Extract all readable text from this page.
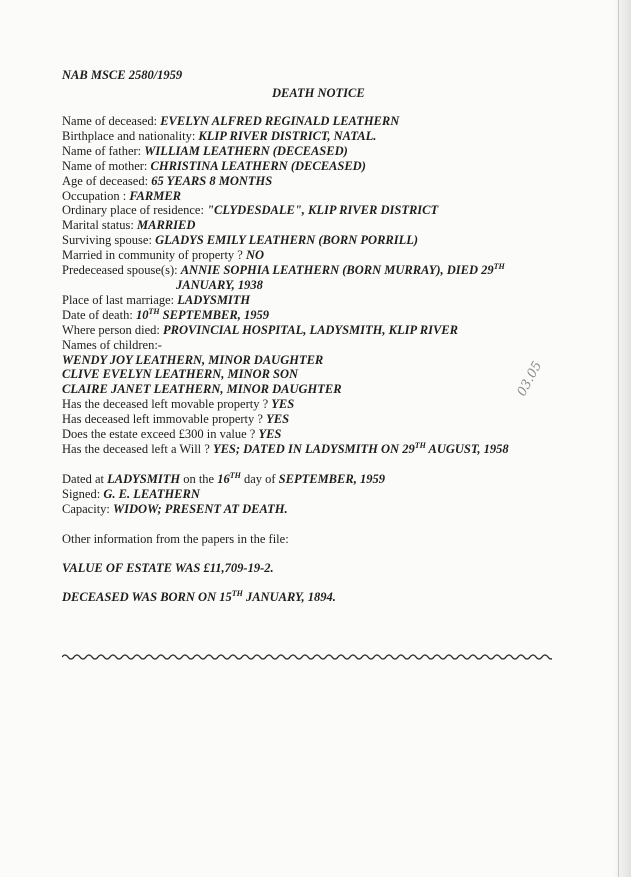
NAB MSCE 2580/1959
DEATH NOTICE
Name of deceased: EVELYN ALFRED REGINALD LEATHERN
Birthplace and nationality: KLIP RIVER DISTRICT, NATAL.
Name of father: WILLIAM LEATHERN (DECEASED)
Name of mother: CHRISTINA LEATHERN (DECEASED)
Age of deceased: 65 YEARS 8 MONTHS
Occupation : FARMER
Ordinary place of residence: "CLYDESDALE", KLIP RIVER DISTRICT
Marital status: MARRIED
Surviving spouse: GLADYS EMILY LEATHERN (BORN PORRILL)
Married in community of property ? NO
Predeceased spouse(s): ANNIE SOPHIA LEATHERN (BORN MURRAY), DIED 29TH
JANUARY, 1938
Place of last marriage: LADYSMITH
Date of death: 10TH SEPTEMBER, 1959
Where person died: PROVINCIAL HOSPITAL, LADYSMITH, KLIP RIVER
Names of children:-
WENDY JOY LEATHERN, MINOR DAUGHTER
CLIVE EVELYN LEATHERN, MINOR SON
CLAIRE JANET LEATHERN, MINOR DAUGHTER
Has the deceased left movable property ? YES
Has deceased left immovable property ? YES
Does the estate exceed £300 in value ? YES
Has the deceased left a Will ? YES; DATED IN LADYSMITH ON 29TH AUGUST, 1958
Dated at LADYSMITH on the 16TH day of SEPTEMBER, 1959
Signed: G. E. LEATHERN
Capacity: WIDOW; PRESENT AT DEATH.
Other information from the papers in the file:
VALUE OF ESTATE WAS £11,709-19-2.
DECEASED WAS BORN ON 15TH JANUARY, 1894.
03.05
